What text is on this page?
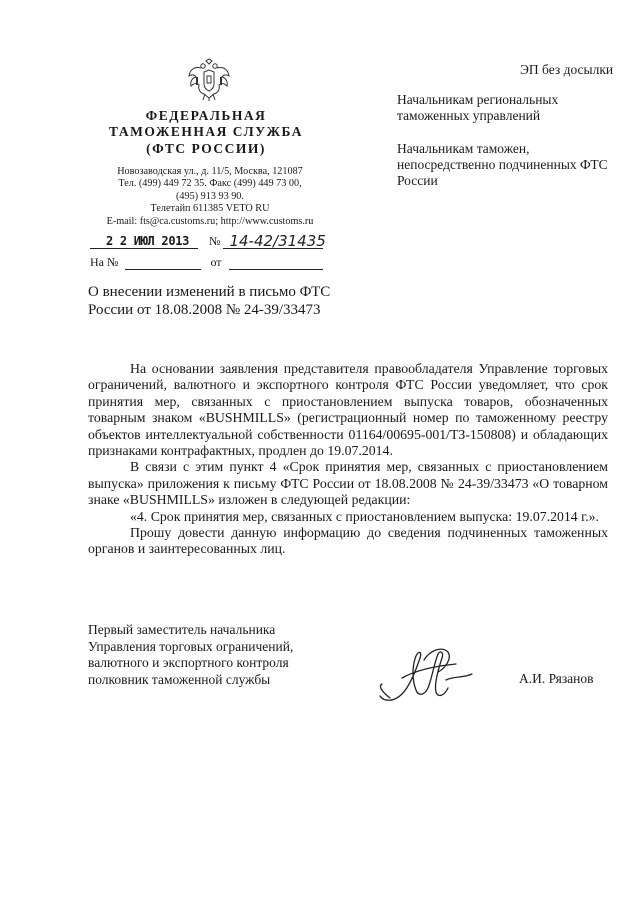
ЭП без досылки
ФЕДЕРАЛЬНАЯ
ТАМОЖЕННАЯ СЛУЖБА
(ФТС РОССИИ)
Новозаводская ул., д. 11/5, Москва, 121087
Тел. (499) 449 72 35. Факс (499) 449 73 00,
(495) 913 93 90.
Телетайп 611385 VETO RU
E-mail: fts@ca.customs.ru; http://www.customs.ru
2 2 ИЮЛ 2013 № 14-42/31435
На №	от
Начальникам региональных таможенных управлений
Начальникам таможен, непосредственно подчиненных ФТС России
О внесении изменений в письмо ФТС России от 18.08.2008 № 24-39/33473

На основании заявления представителя правообладателя Управление торговых ограничений, валютного и экспортного контроля ФТС России уведомляет, что срок принятия мер, связанных с приостановлением выпуска товаров, обозначенных товарным знаком «BUSHMILLS» (регистрационный номер по таможенному реестру объектов интеллектуальной собственности 01164/00695-001/ТЗ-150808) и обладающих признаками контрафактных, продлен до 19.07.2014.

В связи с этим пункт 4 «Срок принятия мер, связанных с приостановлением выпуска» приложения к письму ФТС России от 18.08.2008 № 24-39/33473 «О товарном знаке «BUSHMILLS» изложен в следующей редакции:

«4. Срок принятия мер, связанных с приостановлением выпуска: 19.07.2014 г.».

Прошу довести данную информацию до сведения подчиненных таможенных органов и заинтересованных лиц.

Первый заместитель начальника
Управления торговых ограничений,
валютного и экспортного контроля
полковник таможенной службы	А.И. Рязанов
